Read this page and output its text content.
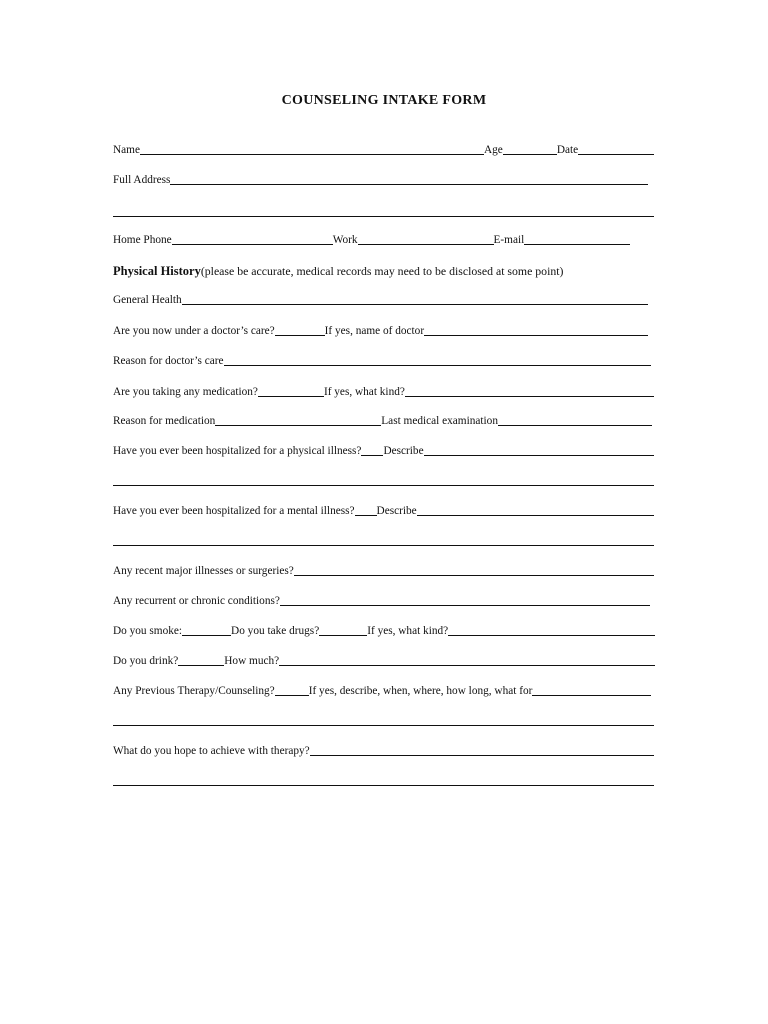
COUNSELING INTAKE FORM
Name	Age	Date
Full Address
Home Phone	Work	E-mail
Physical History (please be accurate, medical records may need to be disclosed at some point)
General Health
Are you now under a doctor’s care?	If yes, name of doctor
Reason for doctor’s care
Are you taking any medication?	If yes, what kind?
Reason for medication	Last medical examination
Have you ever been hospitalized for a physical illness? Describe
Have you ever been hospitalized for a mental illness? Describe
Any recent major illnesses or surgeries?
Any recurrent or chronic conditions?
Do you smoke:	Do you take drugs?	If yes, what kind?
Do you drink?	How much?
Any Previous Therapy/Counseling?	If yes, describe, when, where, how long, what for
What do you hope to achieve with therapy?
